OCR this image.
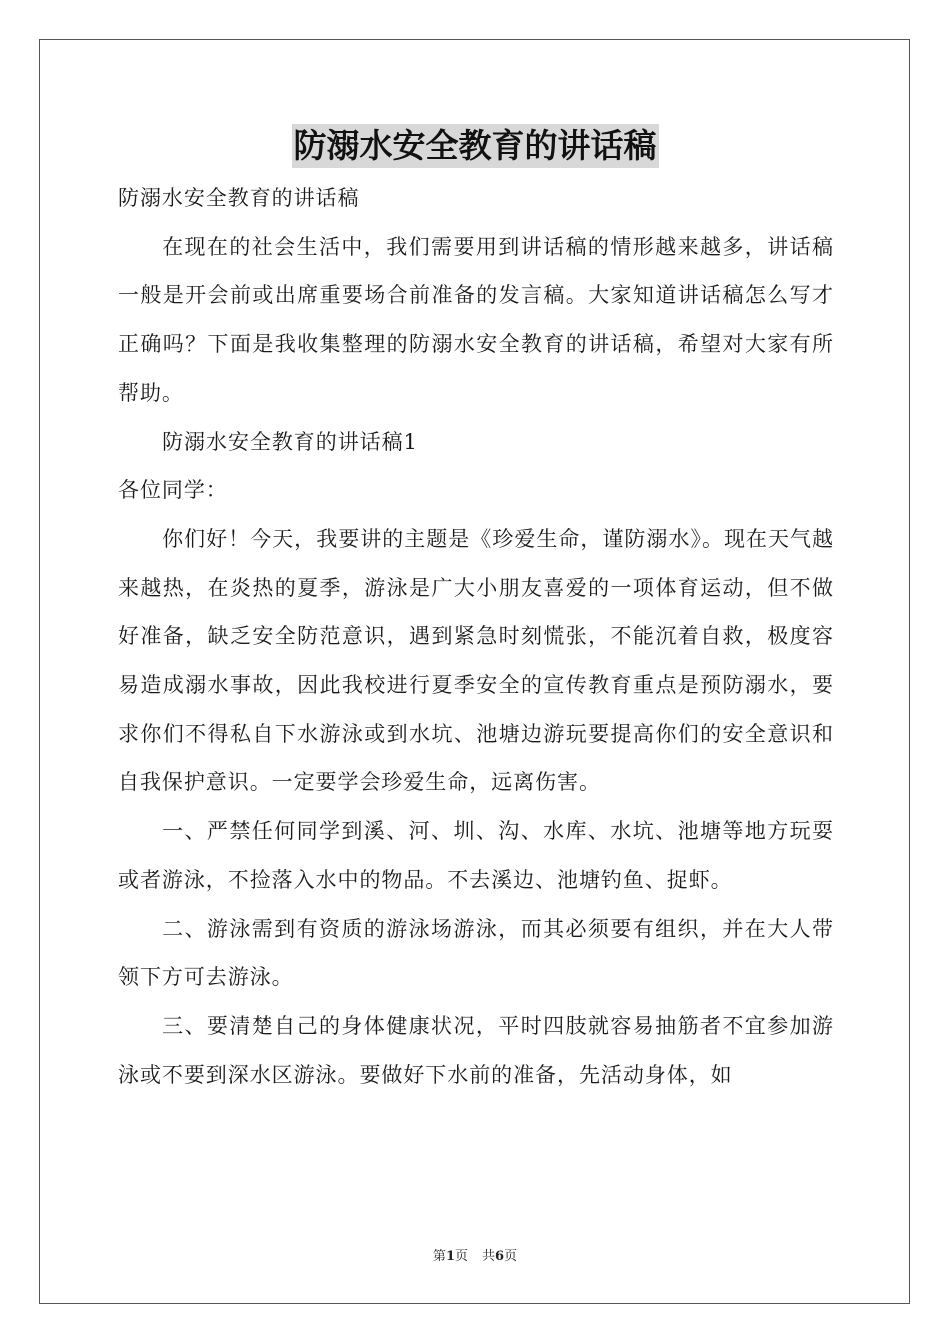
防溺水安全教育的讲话稿

防溺水安全教育的讲话稿

在现在的社会生活中，我们需要用到讲话稿的情形越来越多，讲话稿一般是开会前或出席重要场合前准备的发言稿。大家知道讲话稿怎么写才正确吗？下面是我收集整理的防溺水安全教育的讲话稿，希望对大家有所帮助。

防溺水安全教育的讲话稿1

各位同学：

你们好！今天，我要讲的主题是《珍爱生命，谨防溺水》。现在天气越来越热，在炎热的夏季，游泳是广大小朋友喜爱的一项体育运动，但不做好准备，缺乏安全防范意识，遇到紧急时刻慌张，不能沉着自救，极度容易造成溺水事故，因此我校进行夏季安全的宣传教育重点是预防溺水，要求你们不得私自下水游泳或到水坑、池塘边游玩要提高你们的安全意识和自我保护意识。一定要学会珍爱生命，远离伤害。

一、严禁任何同学到溪、河、圳、沟、水库、水坑、池塘等地方玩耍或者游泳，不捡落入水中的物品。不去溪边、池塘钓鱼、捉虾。

二、游泳需到有资质的游泳场游泳，而其必须要有组织，并在大人带领下方可去游泳。

三、要清楚自己的身体健康状况，平时四肢就容易抽筋者不宜参加游泳或不要到深水区游泳。要做好下水前的准备，先活动身体，如

第1页 共6页
